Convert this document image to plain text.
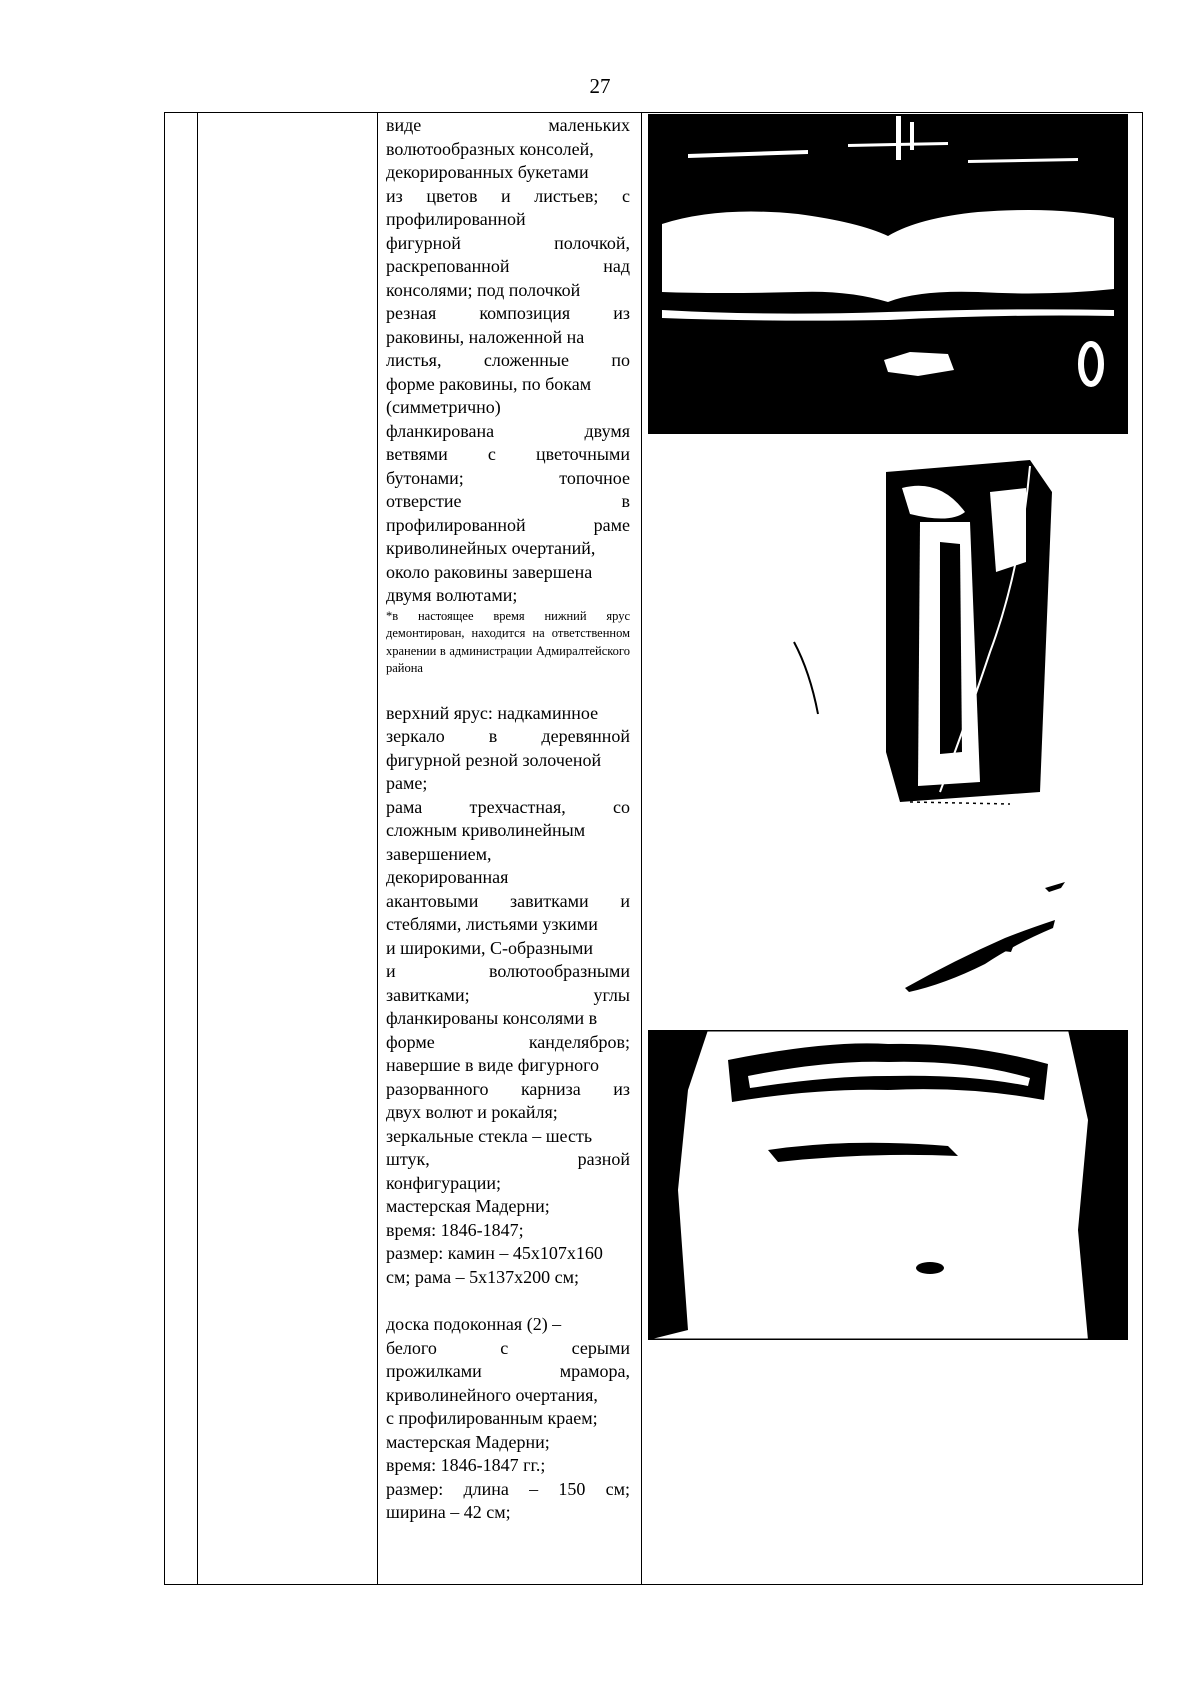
27

виде маленьких

волютообразных консолей,

декорированных букетами

из цветов и листьев; с

профилированной

фигурной полочкой,

раскрепованной над

консолями; под полочкой

резная композиция из

раковины, наложенной на

листья, сложенные по

форме раковины, по бокам

(симметрично)

фланкирована двумя

ветвями с цветочными

бутонами; топочное

отверстие в

профилированной раме

криволинейных очертаний,

около раковины завершена

двумя волютами;

*в настоящее время нижний ярус демонтирован, находится на ответственном хранении в администрации Адмиралтейского района

верхний ярус: надкаминное

зеркало в деревянной

фигурной резной золоченой

раме;

рама трехчастная, со

сложным криволинейным

завершением,

декорированная

акантовыми завитками и

стеблями, листьями узкими

и широкими, С-образными

и волютообразными

завитками; углы

фланкированы консолями в

форме канделябров;

навершие в виде фигурного

разорванного карниза из

двух волют и рокайля;

зеркальные стекла – шесть

штук, разной

конфигурации;

мастерская Мадерни;

время: 1846-1847;

размер: камин – 45х107х160

см; рама – 5х137х200 см;

доска подоконная (2) –

белого с серыми

прожилками мрамора,

криволинейного очертания,

с профилированным краем;

мастерская Мадерни;

время: 1846-1847 гг.;

размер: длина – 150 см;

ширина – 42 см;
